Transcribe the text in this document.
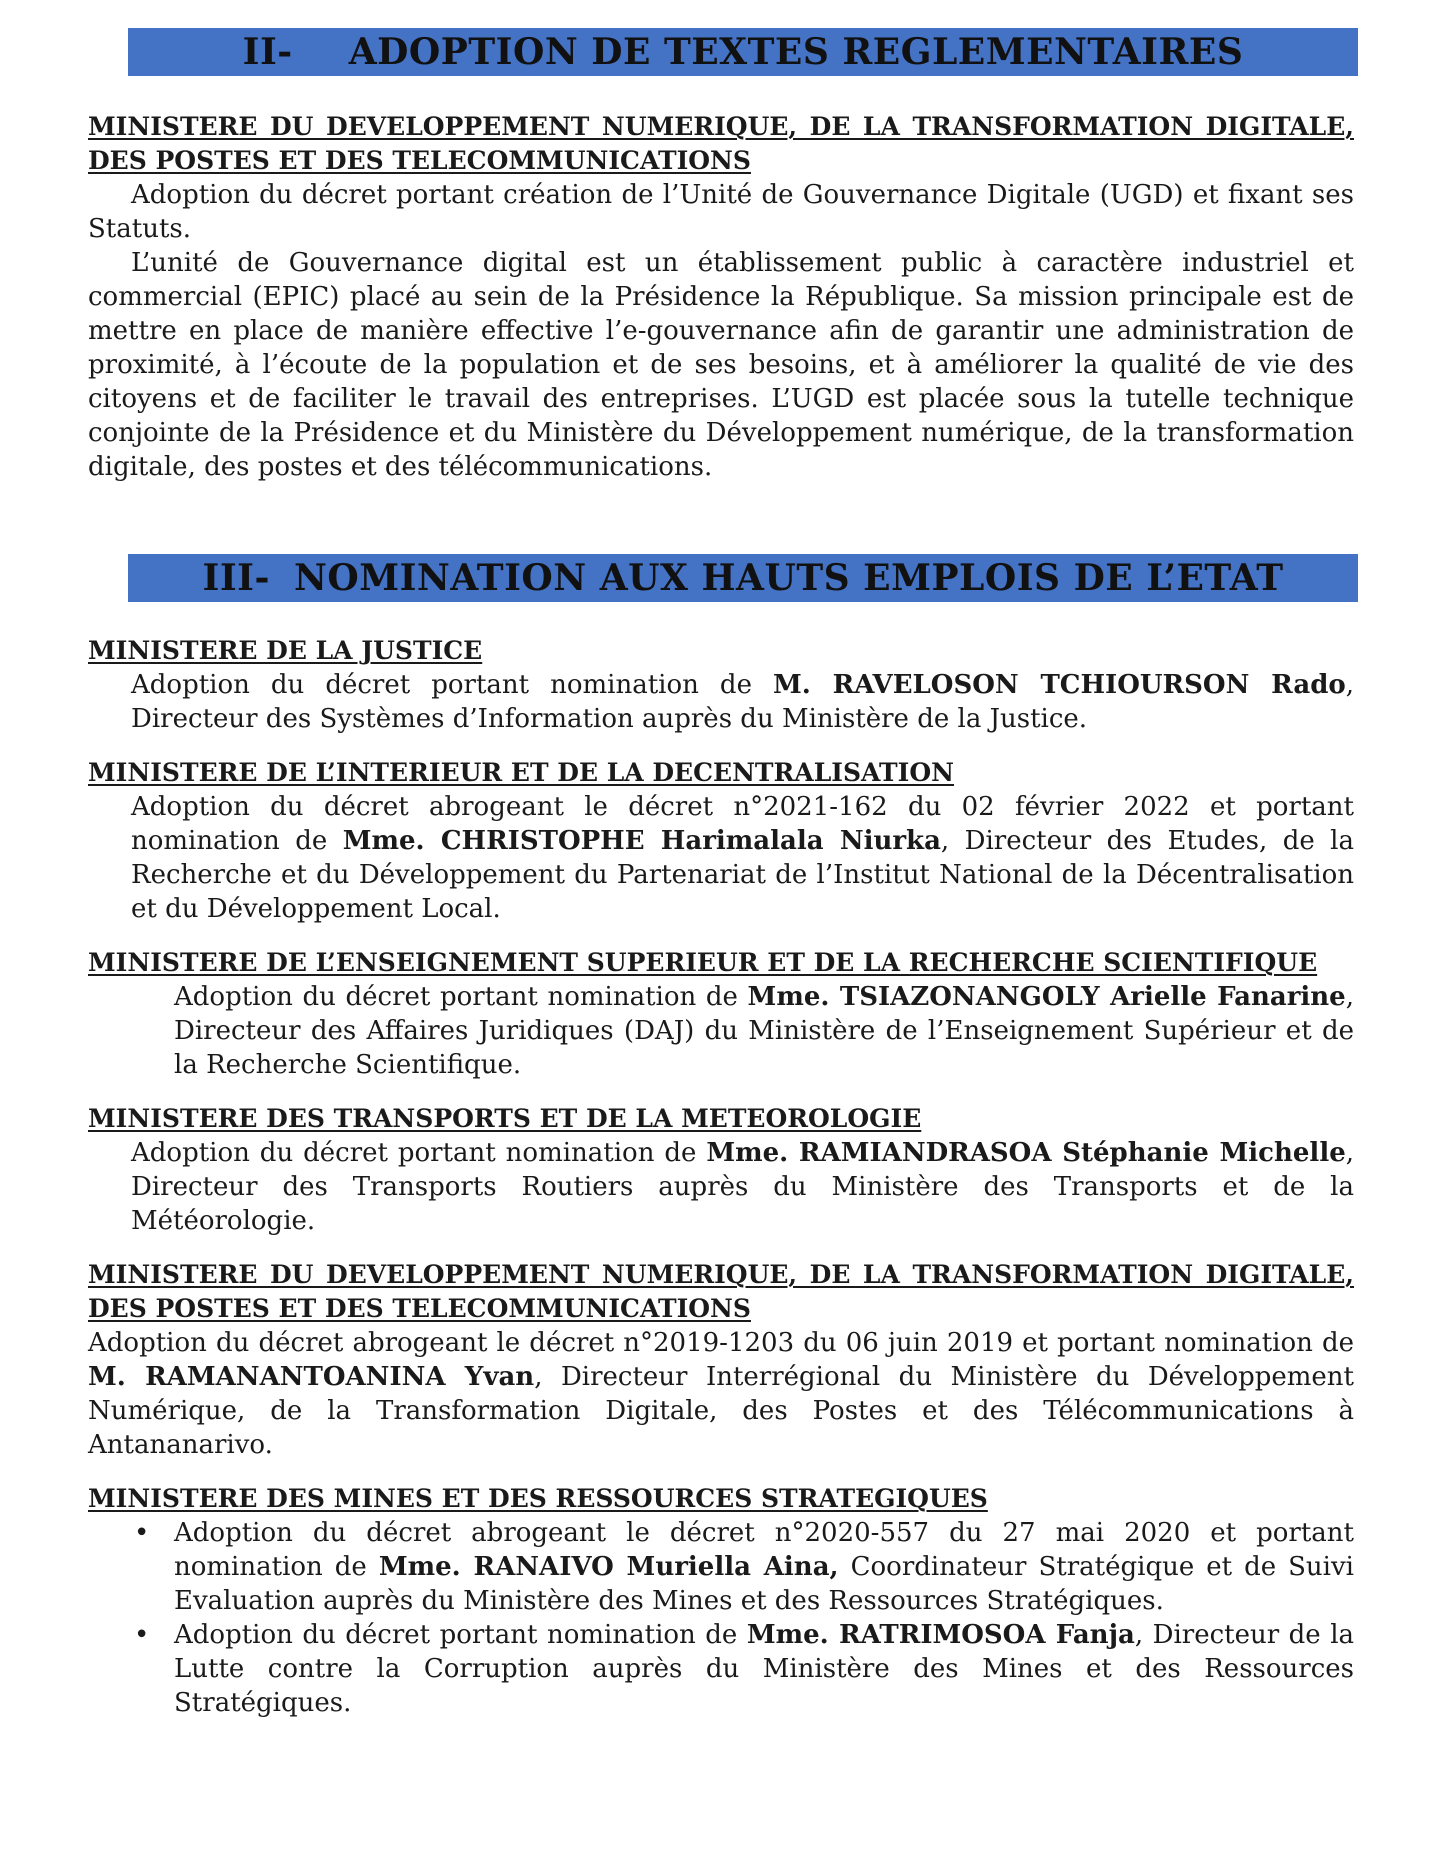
II- ADOPTION DE TEXTES REGLEMENTAIRES
MINISTERE DU DEVELOPPEMENT NUMERIQUE, DE LA TRANSFORMATION DIGITALE, DES POSTES ET DES TELECOMMUNICATIONS

Adoption du décret portant création de l’Unité de Gouvernance Digitale (UGD) et fixant ses Statuts.

L’unité de Gouvernance digital est un établissement public à caractère industriel et commercial (EPIC) placé au sein de la Présidence la République. Sa mission principale est de mettre en place de manière effective l’e-gouvernance afin de garantir une administration de proximité, à l’écoute de la population et de ses besoins, et à améliorer la qualité de vie des citoyens et de faciliter le travail des entreprises. L’UGD est placée sous la tutelle technique conjointe de la Présidence et du Ministère du Développement numérique, de la transformation digitale, des postes et des télécommunications.

III- NOMINATION AUX HAUTS EMPLOIS DE L’ETAT
MINISTERE DE LA JUSTICE

Adoption du décret portant nomination de M. RAVELOSON TCHIOURSON Rado, Directeur des Systèmes d’Information auprès du Ministère de la Justice.

MINISTERE DE L’INTERIEUR ET DE LA DECENTRALISATION

Adoption du décret abrogeant le décret n°2021-162 du 02 février 2022 et portant nomination de Mme. CHRISTOPHE Harimalala Niurka, Directeur des Etudes, de la Recherche et du Développement du Partenariat de l’Institut National de la Décentralisation et du Développement Local.

MINISTERE DE L’ENSEIGNEMENT SUPERIEUR ET DE LA RECHERCHE SCIENTIFIQUE

Adoption du décret portant nomination de Mme. TSIAZONANGOLY Arielle Fanarine, Directeur des Affaires Juridiques (DAJ) du Ministère de l’Enseignement Supérieur et de la Recherche Scientifique.

MINISTERE DES TRANSPORTS ET DE LA METEOROLOGIE

Adoption du décret portant nomination de Mme. RAMIANDRASOA Stéphanie Michelle, Directeur des Transports Routiers auprès du Ministère des Transports et de la Météorologie.

MINISTERE DU DEVELOPPEMENT NUMERIQUE, DE LA TRANSFORMATION DIGITALE, DES POSTES ET DES TELECOMMUNICATIONS

Adoption du décret abrogeant le décret n°2019-1203 du 06 juin 2019 et portant nomination de M. RAMANANTOANINA Yvan, Directeur Interrégional du Ministère du Développement Numérique, de la Transformation Digitale, des Postes et des Télécommunications à Antananarivo.

MINISTERE DES MINES ET DES RESSOURCES STRATEGIQUES
• Adoption du décret abrogeant le décret n°2020-557 du 27 mai 2020 et portant nomination de Mme. RANAIVO Muriella Aina, Coordinateur Stratégique et de Suivi Evaluation auprès du Ministère des Mines et des Ressources Stratégiques.
• Adoption du décret portant nomination de Mme. RATRIMOSOA Fanja, Directeur de la Lutte contre la Corruption auprès du Ministère des Mines et des Ressources Stratégiques.
